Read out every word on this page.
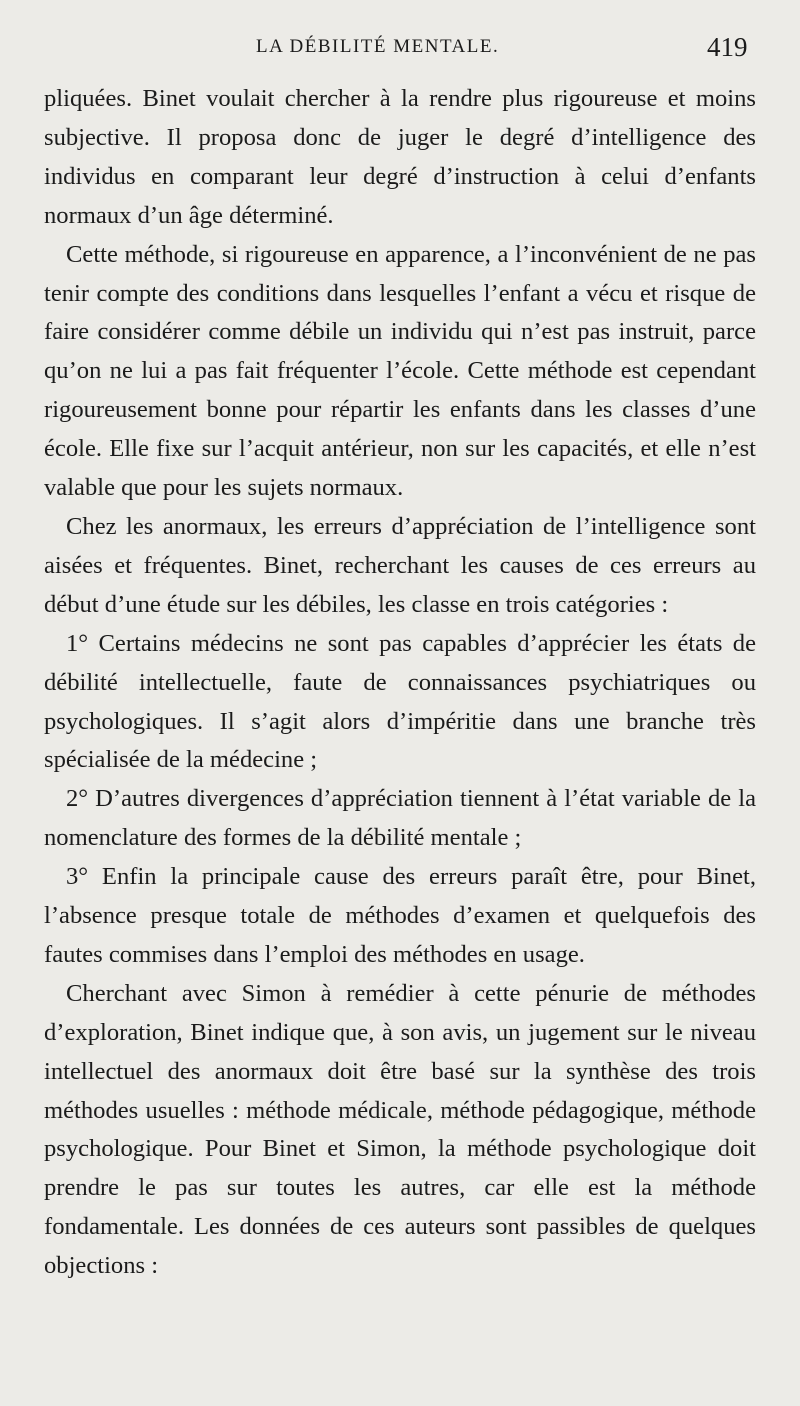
LA DÉBILITÉ MENTALE.	419

pliquées. Binet voulait chercher à la rendre plus rigoureuse et moins subjective. Il proposa donc de juger le degré d’intelligence des individus en comparant leur degré d’instruction à celui d’enfants normaux d’un âge déterminé.

Cette méthode, si rigoureuse en apparence, a l’inconvénient de ne pas tenir compte des conditions dans lesquelles l’enfant a vécu et risque de faire considérer comme débile un individu qui n’est pas instruit, parce qu’on ne lui a pas fait fréquenter l’école. Cette méthode est cependant rigoureusement bonne pour répartir les enfants dans les classes d’une école. Elle fixe sur l’acquit antérieur, non sur les capacités, et elle n’est valable que pour les sujets normaux.

Chez les anormaux, les erreurs d’appréciation de l’intelligence sont aisées et fréquentes. Binet, recherchant les causes de ces erreurs au début d’une étude sur les débiles, les classe en trois catégories :

1° Certains médecins ne sont pas capables d’apprécier les états de débilité intellectuelle, faute de connaissances psychiatriques ou psychologiques. Il s’agit alors d’impéritie dans une branche très spécialisée de la médecine ;

2° D’autres divergences d’appréciation tiennent à l’état variable de la nomenclature des formes de la débilité mentale ;

3° Enfin la principale cause des erreurs paraît être, pour Binet, l’absence presque totale de méthodes d’examen et quelquefois des fautes commises dans l’emploi des méthodes en usage.

Cherchant avec Simon à remédier à cette pénurie de méthodes d’exploration, Binet indique que, à son avis, un jugement sur le niveau intellectuel des anormaux doit être basé sur la synthèse des trois méthodes usuelles : méthode médicale, méthode pédagogique, méthode psychologique. Pour Binet et Simon, la méthode psychologique doit prendre le pas sur toutes les autres, car elle est la méthode fondamentale. Les données de ces auteurs sont passibles de quelques objections :
